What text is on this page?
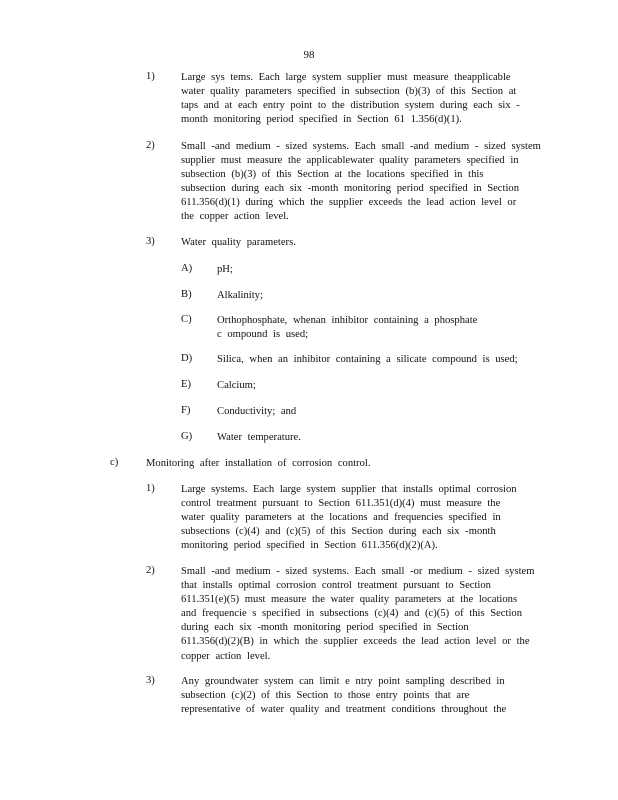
98
1)	Large sys tems. Each large system supplier must measure theapplicable
water quality parameters specified in subsection (b)(3) of this Section at
taps and at each entry point to the distribution system during each six -
month monitoring period specified in Section 61 1.356(d)(1).
2)	Small -and medium - sized systems. Each small -and medium - sized system
supplier must measure the applicablewater quality parameters specified in
subsection (b)(3) of this Section at the locations specified in this
subsection during each six -month monitoring period specified in Section
611.356(d)(1) during which the supplier exceeds the lead action level or
the copper action level.
3)	Water quality parameters.
A)	pH;
B)	Alkalinity;
C)	Orthophosphate, whenan inhibitor containing a phosphate
c ompound is used;
D)	Silica, when an inhibitor containing a silicate compound is used;
E)	Calcium;
F)	Conductivity; and
G)	Water temperature.
c)	Monitoring after installation of corrosion control.
1)	Large systems. Each large system supplier that installs optimal corrosion
control treatment pursuant to Section 611.351(d)(4) must measure the
water quality parameters at the locations and frequencies specified in
subsections (c)(4) and (c)(5) of this Section during each six -month
monitoring period specified in Section 611.356(d)(2)(A).
2)	Small -and medium - sized systems. Each small -or medium - sized system
that installs optimal corrosion control treatment pursuant to Section
611.351(e)(5) must measure the water quality parameters at the locations
and frequencie s specified in subsections (c)(4) and (c)(5) of this Section
during each six -month monitoring period specified in Section
611.356(d)(2)(B) in which the supplier exceeds the lead action level or the
copper action level.
3)	Any groundwater system can limit e ntry point sampling described in
subsection (c)(2) of this Section to those entry points that are
representative of water quality and treatment conditions throughout the
